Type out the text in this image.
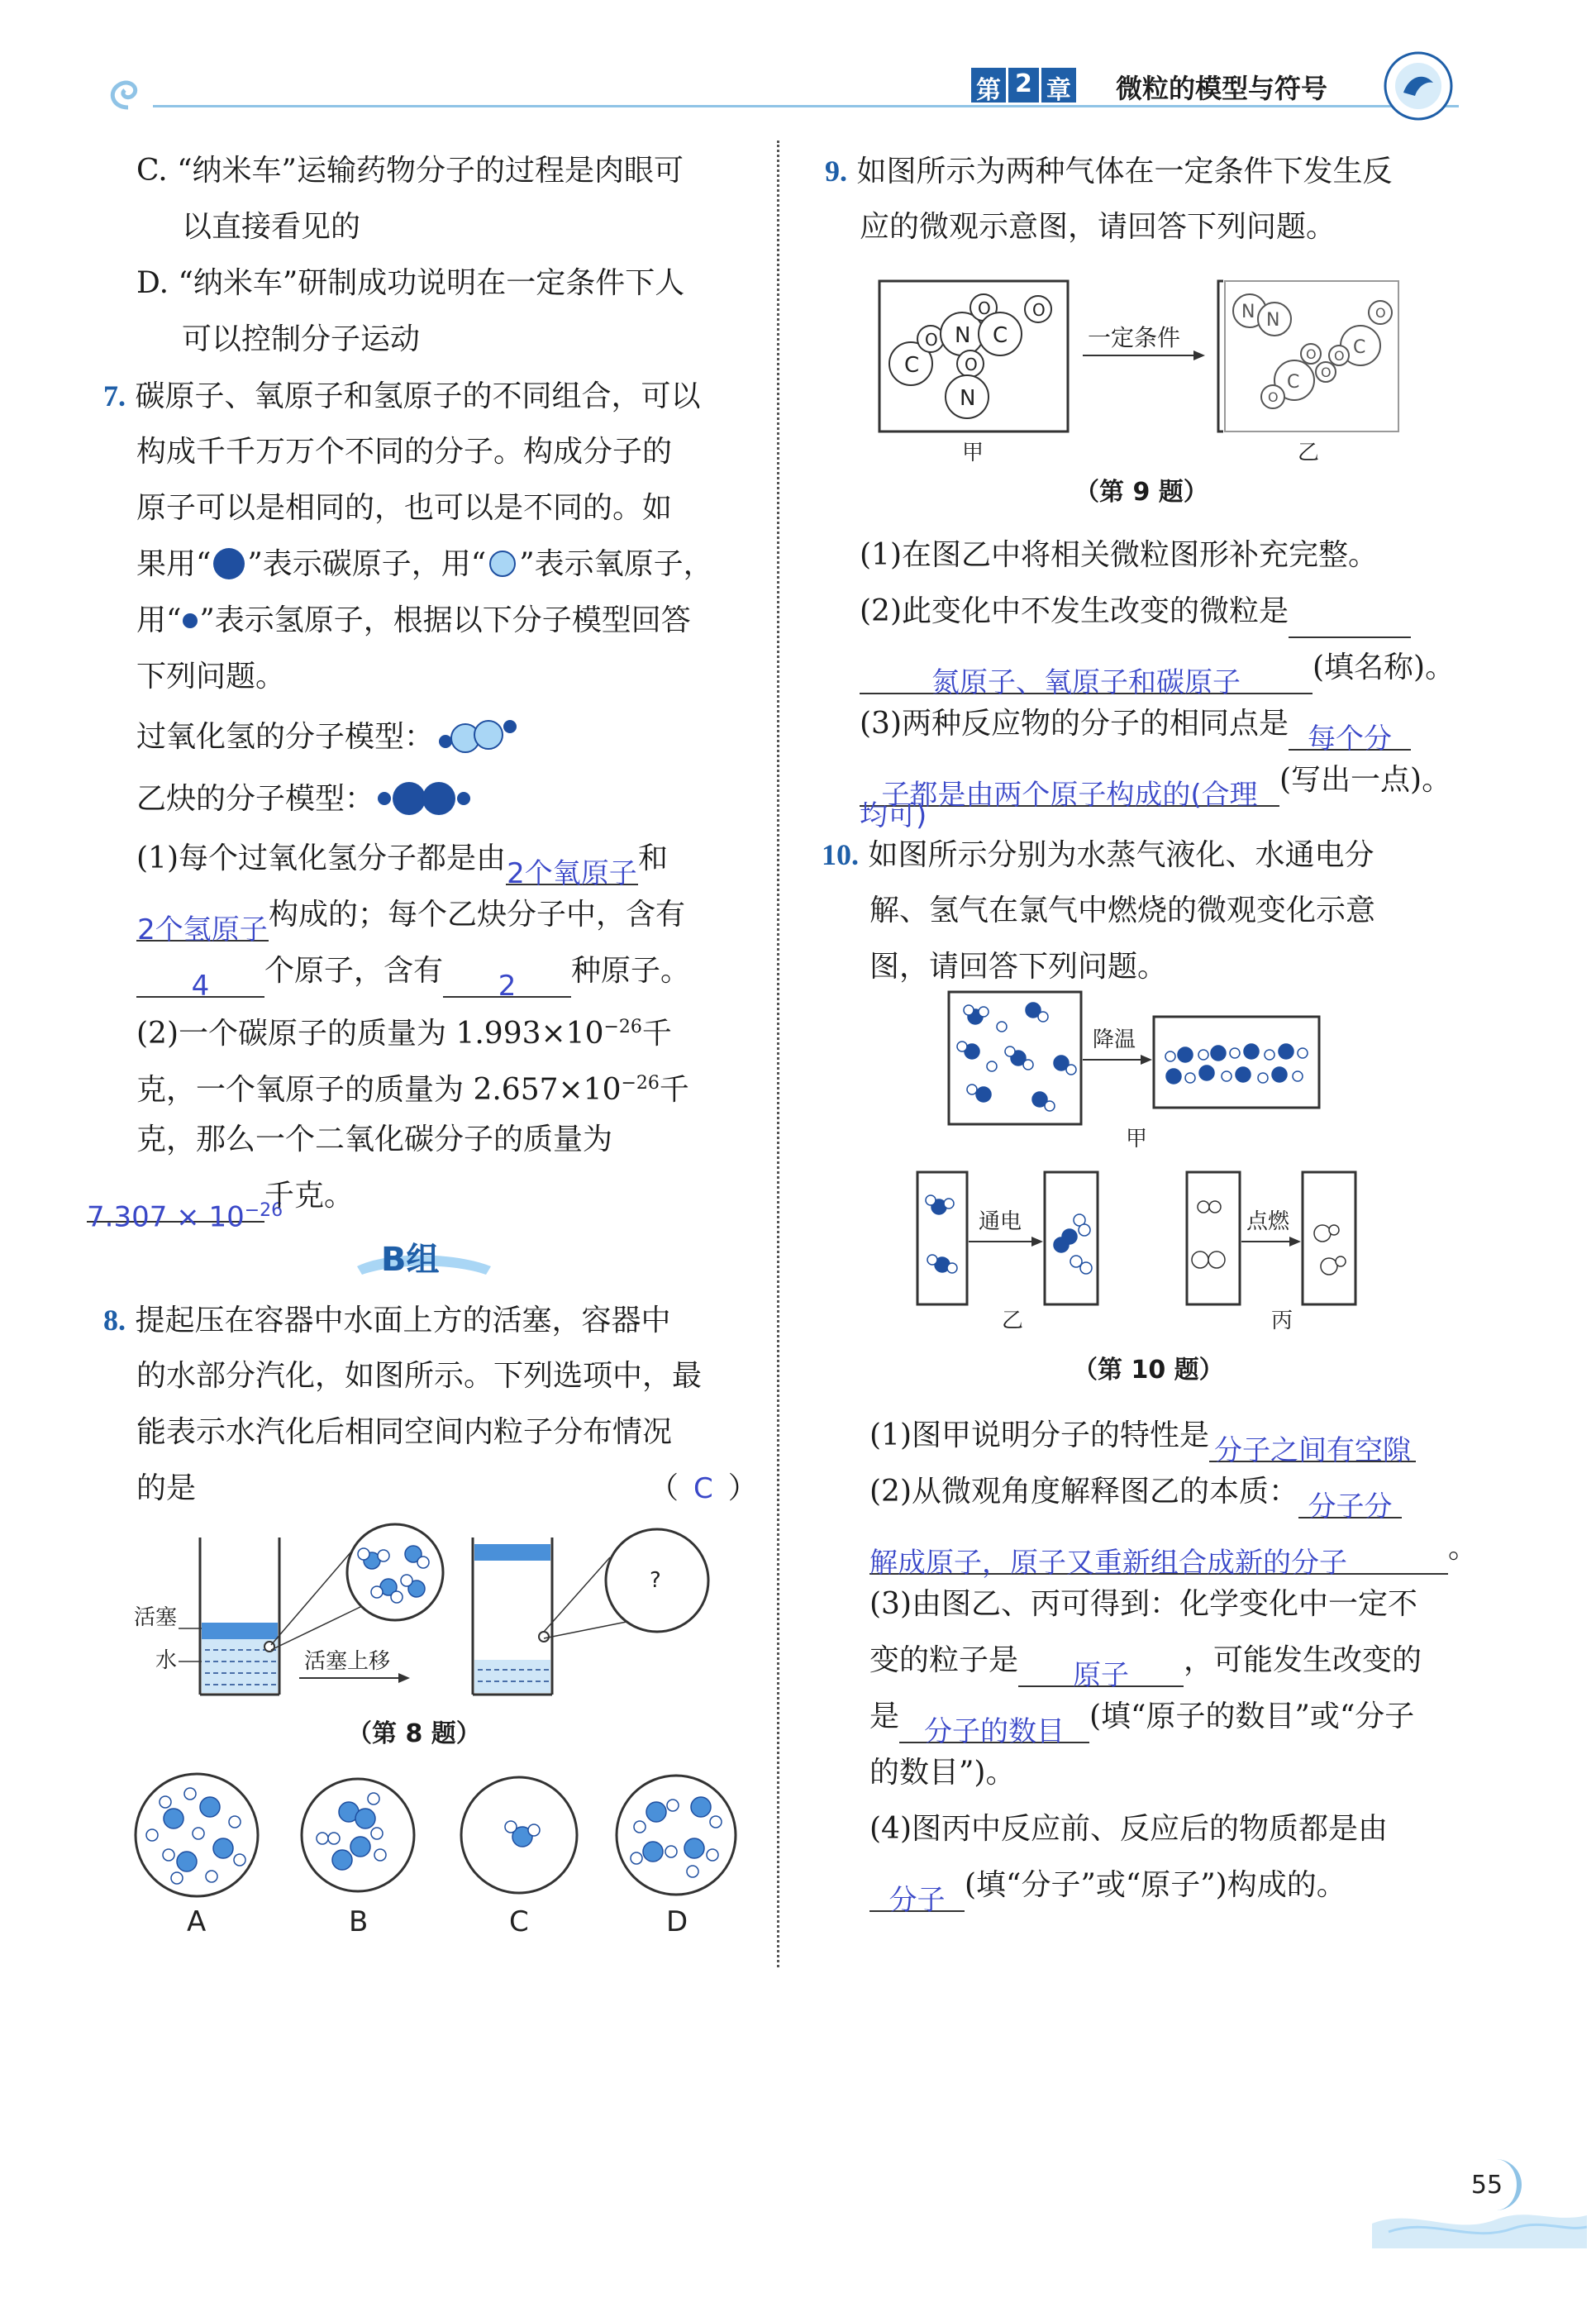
第 2 章 微粒的模型与符号
C. “纳米车”运输药物分子的过程是肉眼可
以直接看见的
D. “纳米车”研制成功说明在一定条件下人
可以控制分子运动
7. 碳原子、氧原子和氢原子的不同组合，可以
构成千千万万个不同的分子。构成分子的
原子可以是相同的，也可以是不同的。如
果用“ ”表示碳原子，用“ ”表示氧原子，
用“ ”表示氢原子，根据以下分子模型回答
下列问题。
过氧化氢的分子模型：
乙炔的分子模型：
(1)每个过氧化氢分子都是由2个氧原子和
2个氢原子构成的；每个乙炔分子中，含有
4 个原子，含有 2 种原子。
(2)一个碳原子的质量为 $1.993\times 10^{-26}$千
克，一个氧原子的质量为 $2.657\times 10^{-26}$千
克，那么一个二氧化碳分子的质量为
$7.307 \times 10^{-26}$千克。
B组
8. 提起压在容器中水面上方的活塞，容器中
的水部分汽化，如图所示。下列选项中，最
能表示水汽化后相同空间内粒子分布情况
的是	（ C ）
活塞
水	活塞上移
?
（第 8 题）
A	B	C	D
9. 如图所示为两种气体在一定条件下发生反
应的微观示意图，请回答下列问题。
C
O N
O
C
O
O
N
一定条件
N N	O
C
O
O
C
O
O
甲	乙
（第 9 题）
(1)在图乙中将相关微粒图形补充完整。
(2)此变化中不发生改变的微粒是
氮原子、氧原子和碳原子 (填名称)。
(3)两种反应物的分子的相同点是 每个分
子都是由两个原子构成的(合理 (写出一点)。
均可)
10. 如图所示分别为水蒸气液化、水通电分
解、氢气在氯气中燃烧的微观变化示意
图，请回答下列问题。
降温
甲
通电
乙
点燃
丙
（第 10 题）
(1)图甲说明分子的特性是 分子之间有空隙
(2)从微观角度解释图乙的本质： 分子分
解成原子，原子又重新组合成新的分子	。
(3)由图乙、丙可得到：化学变化中一定不
变的粒子是 原子 ，可能发生改变的
是 分子的数目 (填“原子的数目”或“分子
的数目”)。
(4)图丙中反应前、反应后的物质都是由
分子 (填“分子”或“原子”)构成的。
55
